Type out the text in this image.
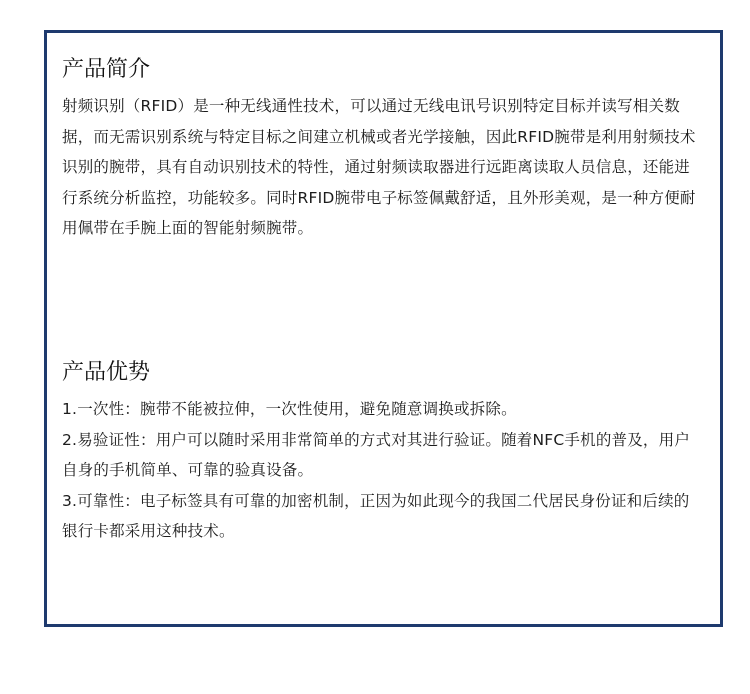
产品简介

射频识别（RFID）是一种无线通性技术，可以通过无线电讯号识别特定目标并读写相关数据，而无需识别系统与特定目标之间建立机械或者光学接触，因此RFID腕带是利用射频技术识别的腕带，具有自动识别技术的特性，通过射频读取器进行远距离读取人员信息，还能进行系统分析监控，功能较多。同时RFID腕带电子标签佩戴舒适，且外形美观，是一种方便耐用佩带在手腕上面的智能射频腕带。

产品优势
1.一次性：腕带不能被拉伸，一次性使用，避免随意调换或拆除。
2.易验证性：用户可以随时采用非常简单的方式对其进行验证。随着NFC手机的普及，用户自身的手机简单、可靠的验真设备。
3.可靠性：电子标签具有可靠的加密机制，正因为如此现今的我国二代居民身份证和后续的银行卡都采用这种技术。
